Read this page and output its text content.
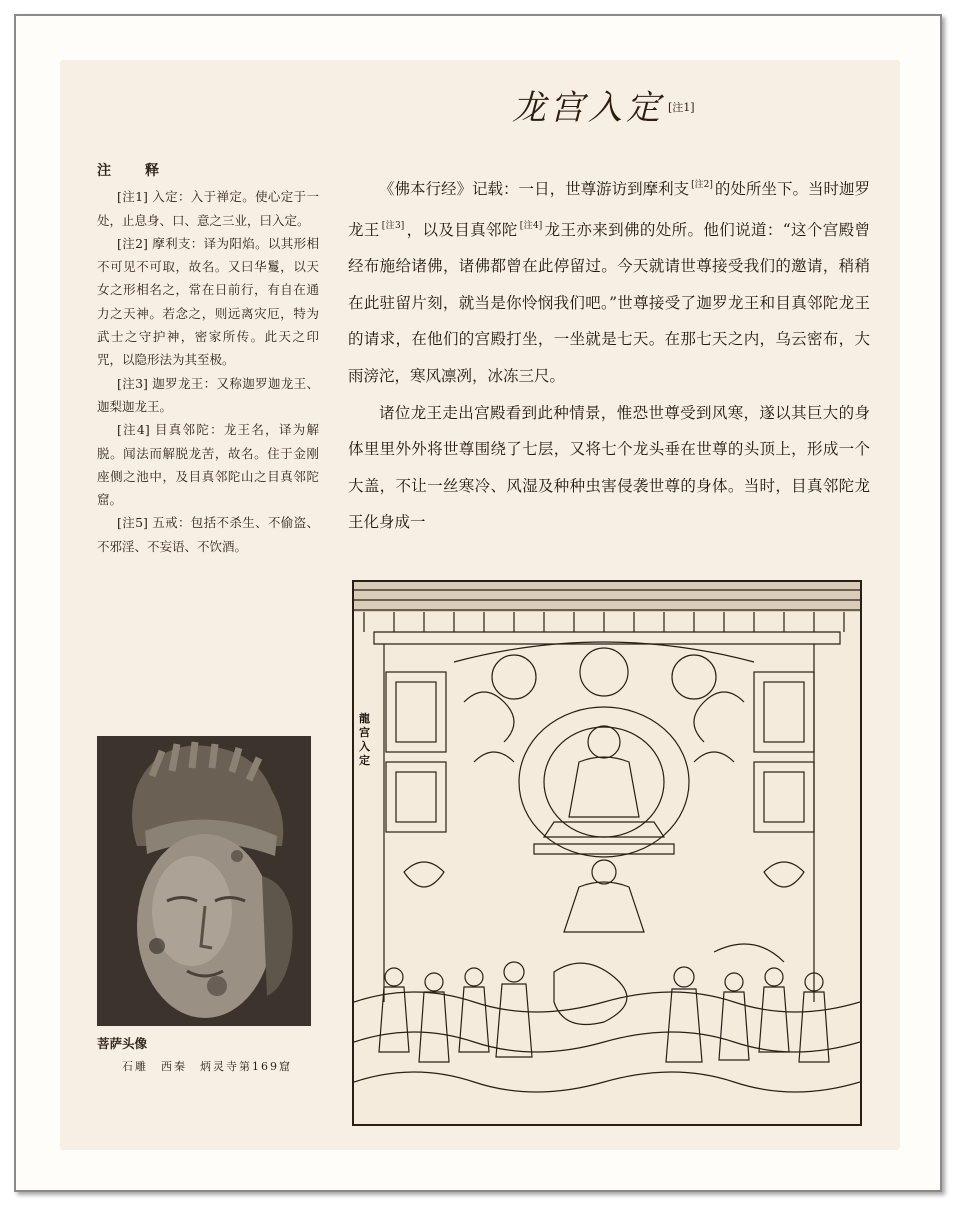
龙宫入定 [注1]
注　释

[注1] 入定：入于禅定。使心定于一处，止息身、口、意之三业，曰入定。

[注2] 摩利支：译为阳焰。以其形相不可见不可取，故名。又曰华鬘，以天女之形相名之，常在日前行，有自在通力之天神。若念之，则远离灾厄，特为武士之守护神，密家所传。此天之印咒，以隐形法为其至极。

[注3] 迦罗龙王：又称迦罗迦龙王、迦梨迦龙王。

[注4] 目真邻陀：龙王名，译为解脱。闻法而解脱龙苦，故名。住于金刚座侧之池中，及目真邻陀山之目真邻陀窟。

[注5] 五戒：包括不杀生、不偷盗、不邪淫、不妄语、不饮酒。

《佛本行经》记载：一日，世尊游访到摩利支 [注2] 的处所坐下。当时迦罗龙王 [注3] ，以及目真邻陀 [注4] 龙王亦来到佛的处所。他们说道：“这个宫殿曾经布施给诸佛，诸佛都曾在此停留过。今天就请世尊接受我们的邀请，稍稍在此驻留片刻，就当是你怜悯我们吧。”世尊接受了迦罗龙王和目真邻陀龙王的请求，在他们的宫殿打坐，一坐就是七天。在那七天之内，乌云密布，大雨滂沱，寒风凛冽，冰冻三尺。

诸位龙王走出宫殿看到此种情景，惟恐世尊受到风寒，遂以其巨大的身体里里外外将世尊围绕了七层，又将七个龙头垂在世尊的头顶上，形成一个大盖，不让一丝寒冷、风湿及种种虫害侵袭世尊的身体。当时，目真邻陀龙王化身成一

菩萨头像
石雕　西秦　炳灵寺第169窟
龍宫入定
